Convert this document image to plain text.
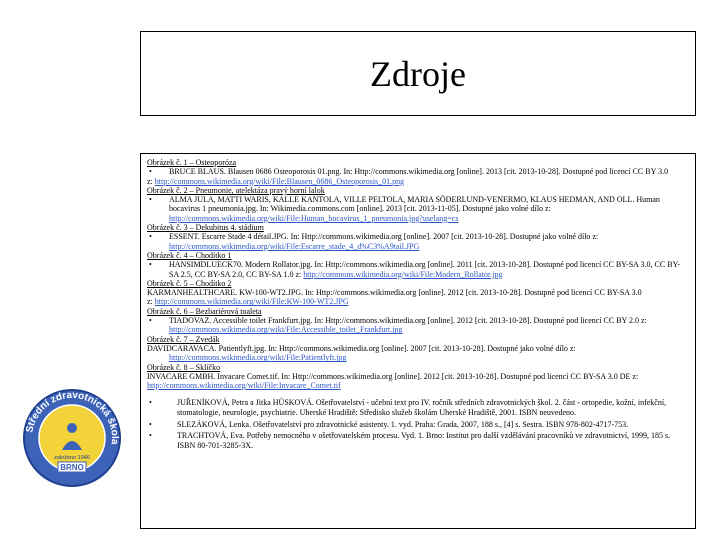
Zdroje
Střední zdravotnická škola
založeno 1946
BRNO
Obrázek č. 1 – Osteoporóza
• BRUCE BLAUS. Blausen 0686 Osteoporosis 01.png. In: Http://commons.wikimedia.org [online]. 2013 [cit. 2013-10-28]. Dostupné pod licencí CC BY 3.0
z: http://commons.wikimedia.org/wiki/File:Blausen_0686_Osteoporosis_01.png
Obrázek č. 2 – Pneumonie, atelektáza pravý horní lalok
• ALMA JULA, MATTI WARIS, KALLE KANTOLA, VILLE PELTOLA, MARIA SÖDERLUND-VENERMO, KLAUS HEDMAN, AND OLL. Human bocavirus 1 pneumonia.jpg. In: Wikimedia.commons.com [online]. 2013 [cit. 2013-11-05]. Dostupné jako volné dílo z:
http://commons.wikimedia.org/wiki/File:Human_bocavirus_1_pneumonia.jpg?uselang=cs
Obrázek č. 3 – Dekubitus 4. stádium
• ESSENT. Escarre Stade 4 détail.JPG. In: Http://commons.wikimedia.org [online]. 2007 [cit. 2013-10-28]. Dostupné jako volné dílo z:
http://commons.wikimedia.org/wiki/File:Escarre_stade_4_d%C3%A9tail.JPG
Obrázek č. 4 – Chodítko 1
• HANSIMDLUECK70. Modern Rollator.jpg. In: Http://commons.wikimedia.org [online]. 2011 [cit. 2013-10-28]. Dostupné pod licencí CC BY-SA 3.0, CC BY-SA 2.5, CC BY-SA 2.0, CC BY-SA 1.0 z: http://commons.wikimedia.org/wiki/File:Modern_Rollator.jpg
Obrázek č. 5 – Chodítko 2
KARMANHEALTHCARE. KW-100-WT2.JPG. In: Http://commons.wikimedia.org [online]. 2012 [cit. 2013-10-28]. Dostupné pod licencí CC BY-SA 3.0
z: http://commons.wikimedia.org/wiki/File:KW-100-WT2.JPG
Obrázek č. 6 – Bezbariérová toaleta
• TIADOVAZ. Accessible toilet Frankfurt.jpg. In: Http://commons.wikimedia.org [online]. 2012 [cit. 2013-10-28]. Dostupné pod licencí CC BY 2.0 z: http://commons.wikimedia.org/wiki/File:Accessible_toilet_Frankfurt.jpg
Obrázek č. 7 – Zvedák
DAVIDCARAVACA. Patientlyft.jpg. In: Http://commons.wikimedia.org [online]. 2007 [cit. 2013-10-28]. Dostupné jako volné dílo z:
http://commons.wikimedia.org/wiki/File:Patientlyft.jpg
Obrázek č. 8 – Sklíčko
INVACARE GMBH. Invacare Comet.tif. In: Http://commons.wikimedia.org [online]. 2012 [cit. 2013-10-28]. Dostupné pod licencí CC BY-SA 3.0 DE z: http://commons.wikimedia.org/wiki/File:Invacare_Comet.tif
•	JUŘENÍKOVÁ, Petra a Jitka HŮSKOVÁ. Ošetřovatelství - učební text pro IV. ročník středních zdravotnických škol. 2. část - ortopedie, kožní, infekční, stomatologie, neurologie, psychiatrie. Uherské Hradiště: Středisko služeb školám Uherské Hradiště, 2001. ISBN neuvedeno.
•	SLEZÁKOVÁ, Lenka. Ošetřovatelství pro zdravotnické asistenty. 1. vyd. Praha: Grada, 2007, 188 s., [4] s. Sestra. ISBN 978-802-4717-753.
•	TRACHTOVÁ, Eva. Potřeby nemocného v ošetřovatelském procesu. Vyd. 1. Brno: Institut pro další vzdělávání pracovníků ve zdravotnictví, 1999, 185 s. ISBN 80-701-3285-3X.
